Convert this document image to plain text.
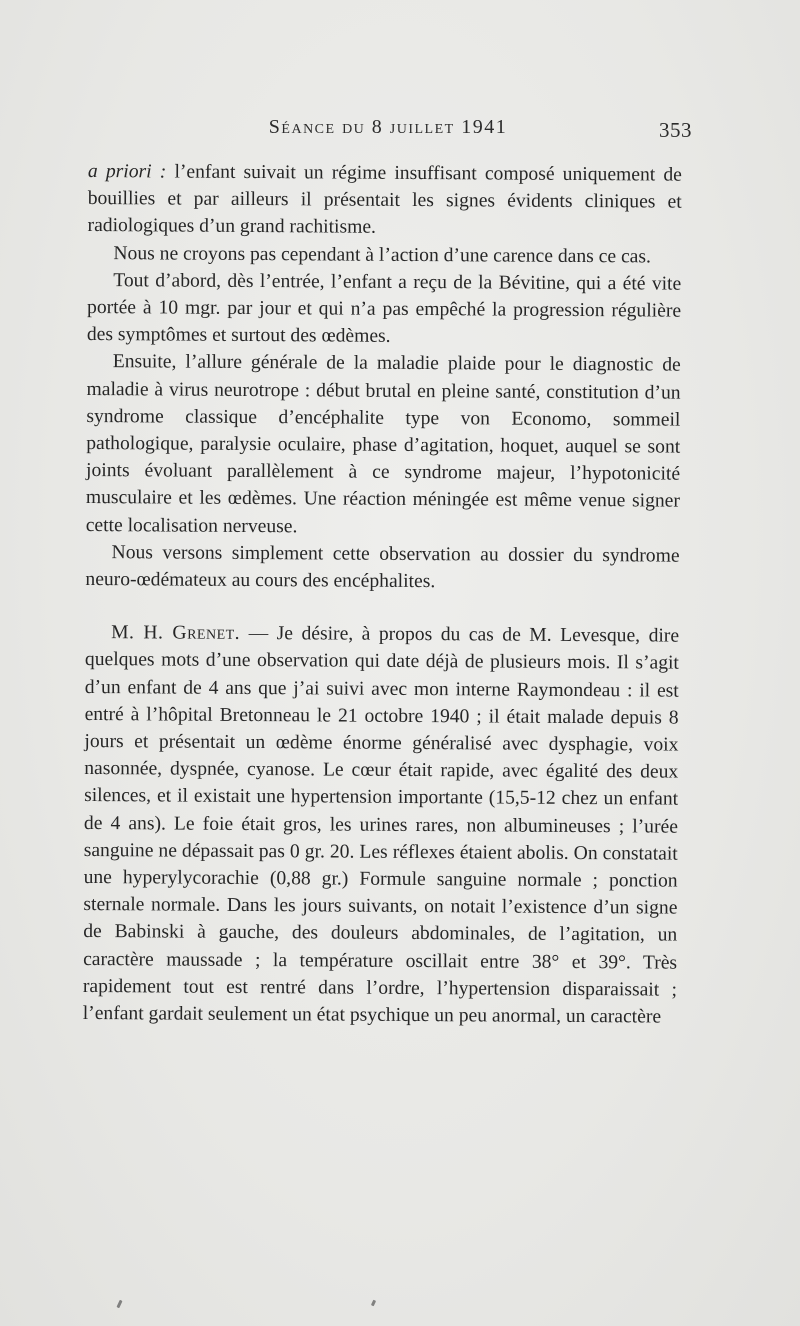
Séance du 8 juillet 1941	353

a priori : l’enfant suivait un régime insuffisant composé uniquement de bouillies et par ailleurs il présentait les signes évidents cliniques et radiologiques d’un grand rachitisme.

Nous ne croyons pas cependant à l’action d’une carence dans ce cas.

Tout d’abord, dès l’entrée, l’enfant a reçu de la Bévitine, qui a été vite portée à 10 mgr. par jour et qui n’a pas empêché la progression régulière des symptômes et surtout des œdèmes.

Ensuite, l’allure générale de la maladie plaide pour le diagnostic de maladie à virus neurotrope : début brutal en pleine santé, constitution d’un syndrome classique d’encéphalite type von Economo, sommeil pathologique, paralysie oculaire, phase d’agitation, hoquet, auquel se sont joints évoluant parallèlement à ce syndrome majeur, l’hypotonicité musculaire et les œdèmes. Une réaction méningée est même venue signer cette localisation nerveuse.

Nous versons simplement cette observation au dossier du syndrome neuro-œdémateux au cours des encéphalites.

M. H. Grenet. — Je désire, à propos du cas de M. Levesque, dire quelques mots d’une observation qui date déjà de plusieurs mois. Il s’agit d’un enfant de 4 ans que j’ai suivi avec mon interne Raymondeau : il est entré à l’hôpital Bretonneau le 21 octobre 1940 ; il était malade depuis 8 jours et présentait un œdème énorme généralisé avec dysphagie, voix nasonnée, dyspnée, cyanose. Le cœur était rapide, avec égalité des deux silences, et il existait une hypertension importante (15,5-12 chez un enfant de 4 ans). Le foie était gros, les urines rares, non albumineuses ; l’urée sanguine ne dépassait pas 0 gr. 20. Les réflexes étaient abolis. On constatait une hyperylycorachie (0,88 gr.) Formule sanguine normale ; ponction sternale normale. Dans les jours suivants, on notait l’existence d’un signe de Babinski à gauche, des douleurs abdominales, de l’agitation, un caractère maussade ; la température oscillait entre 38° et 39°. Très rapidement tout est rentré dans l’ordre, l’hypertension disparaissait ; l’enfant gardait seulement un état psychique un peu anormal, un caractère
